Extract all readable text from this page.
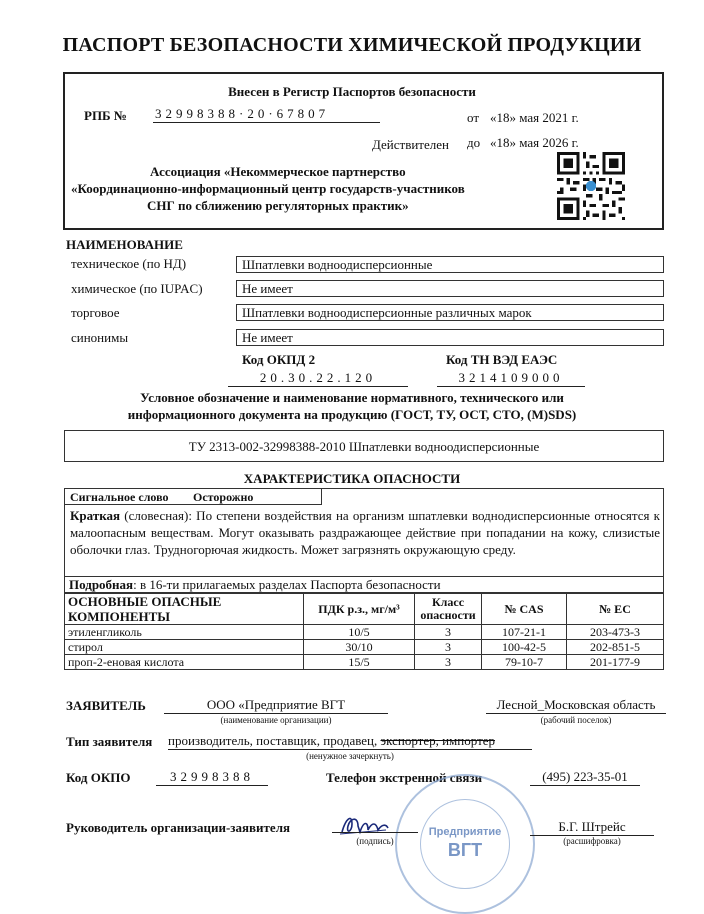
ПАСПОРТ БЕЗОПАСНОСТИ ХИМИЧЕСКОЙ ПРОДУКЦИИ
Внесен в Регистр Паспортов безопасности
РПБ № 32998388·20·67807	от «18» мая 2021 г.
Действителен до «18» мая 2026 г.
Ассоциация «Некоммерческое партнерство
«Координационно-информационный центр государств-участников
СНГ по сближению регуляторных практик»
НАИМЕНОВАНИЕ
техническое (по НД)	Шпатлевки водноодисперсионные
химическое (по IUPAC)	Не имеет
торговое	Шпатлевки водноодисперсионные различных марок
синонимы	Не имеет
Код ОКПД 2
20.30.22.120
Код ТН ВЭД ЕАЭС
3214109000
Условное обозначение и наименование нормативного, технического или
информационного документа на продукцию (ГОСТ, ТУ, ОСТ, СТО, (М)SDS)
ТУ 2313-002-32998388-2010 Шпатлевки водноодисперсионные
ХАРАКТЕРИСТИКА ОПАСНОСТИ
Сигнальное слово Осторожно
Краткая (словесная): По степени воздействия на организм шпатлевки воднодисперсионные относятся к малоопасным веществам. Могут оказывать раздражающее действие при попадании на кожу, слизистые оболочки глаз. Трудногорючая жидкость. Может загрязнять окружающую среду.
Подробная: в 16-ти прилагаемых разделах Паспорта безопасности
ОСНОВНЫЕ ОПАСНЫЕ КОМПОНЕНТЫ	ПДК р.з., мг/м³	Класс опасности	№ CAS	№ ЕС
этиленгликоль	10/5	3	107-21-1	203-473-3
стирол	30/10	3	100-42-5	202-851-5
проп-2-еновая кислота	15/5	3	79-10-7	201-177-9
ЗАЯВИТЕЛЬ	ООО «Предприятие ВГТ
(наименование организации)
Лесной_Московская область
(рабочий поселок)
Тип заявителя производитель, поставщик, продавец, экспортер, импортер
(ненужное зачеркнуть)
Код ОКПО	32998388	Телефон экстренной связи	(495) 223-35-01
Предприятие
ВГТ
Руководитель организации-заявителя
(подпись)
Б.Г. Штрейс
(расшифровка)
